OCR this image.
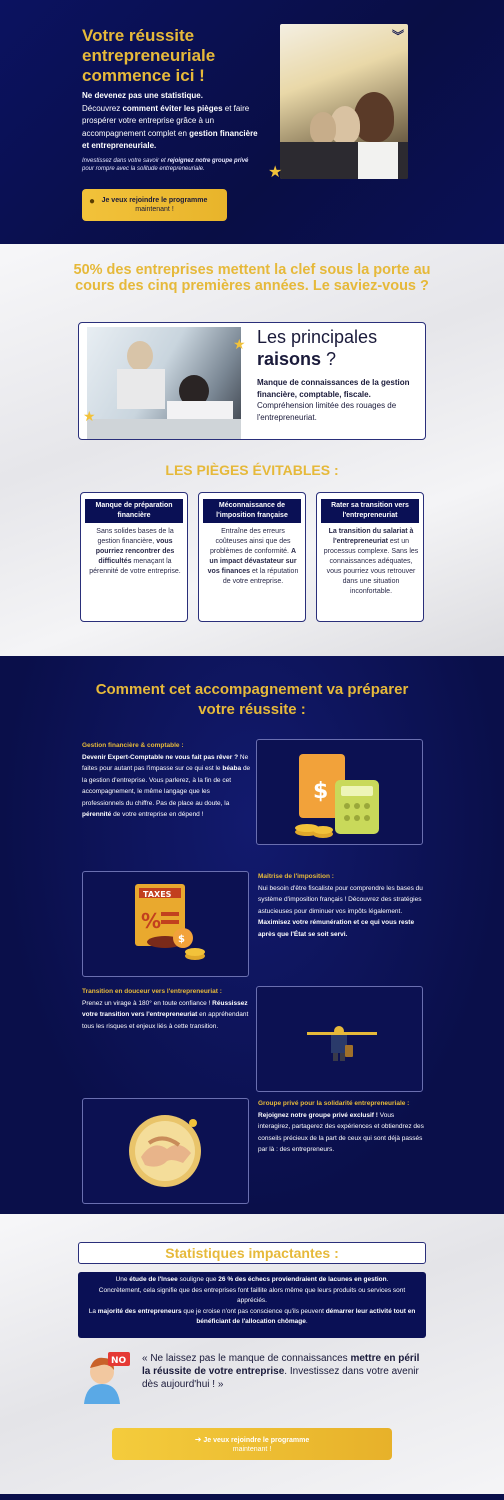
Votre réussite entrepreneuriale commence ici !
Ne devenez pas une statistique.
Découvrez comment éviter les pièges et faire prospérer votre entreprise grâce à un accompagnement complet en gestion financière et entrepreneuriale.
Investissez dans votre savoir et rejoignez notre groupe privé pour rompre avec la solitude entrepreneuriale.
● Je veux rejoindre le programme
maintenant !
︾
★
50% des entreprises mettent la clef sous la porte au cours des cinq premières années. Le saviez-vous ?
★
★
Les principales
raisons ?
Manque de connaissances de la gestion financière, comptable, fiscale.
Compréhension limitée des rouages de l'entrepreneuriat.
LES PIÈGES ÉVITABLES :
Manque de préparation financière
Sans solides bases de la gestion financière, vous pourriez rencontrer des difficultés menaçant la pérennité de votre entreprise.
Méconnaissance de l'imposition française
Entraîne des erreurs coûteuses ainsi que des problèmes de conformité. A un impact dévastateur sur vos finances et la réputation de votre entreprise.
Rater sa transition vers l'entrepreneuriat
La transition du salariat à l'entrepreneuriat est un processus complexe. Sans les connaissances adéquates, vous pourriez vous retrouver dans une situation inconfortable.
Comment cet accompagnement va préparer votre réussite :
Gestion financière & comptable :
Devenir Expert-Comptable ne vous fait pas rêver ? Ne faites pour autant pas l'impasse sur ce qui est le béaba de la gestion d'entreprise. Vous parlerez, à la fin de cet accompagnement, le même langage que les professionnels du chiffre. Pas de place au doute, la pérennité de votre entreprise en dépend !
$
TAXES
%
$
Maîtrise de l'imposition :
Nui besoin d'être fiscaliste pour comprendre les bases du système d'imposition français ! Découvrez des stratégies astucieuses pour diminuer vos impôts légalement. Maximisez votre rémunération et ce qui vous reste après que l'État se soit servi.
Transition en douceur vers l'entrepreneuriat :
Prenez un virage à 180° en toute confiance ! Réussissez votre transition vers l'entrepreneuriat en appréhendant tous les risques et enjeux liés à cette transition.
Groupe privé pour la solidarité entrepreneuriale :
Rejoignez notre groupe privé exclusif ! Vous interagirez, partagerez des expériences et obtiendrez des conseils précieux de la part de ceux qui sont déjà passés par là : des entrepreneurs.
Statistiques impactantes :
Une étude de l'Insee souligne que 26 % des échecs proviendraient de lacunes en gestion.
Concrètement, cela signifie que des entreprises font faillite alors même que leurs produits ou services sont appréciés.
La majorité des entrepreneurs que je croise n'ont pas conscience qu'ils peuvent démarrer leur activité tout en bénéficiant de l'allocation chômage.
NO « Ne laissez pas le manque de connaissances mettre en péril la réussite de votre entreprise. Investissez dans votre avenir dès aujourd'hui ! »
➜ Je veux rejoindre le programme
maintenant !
